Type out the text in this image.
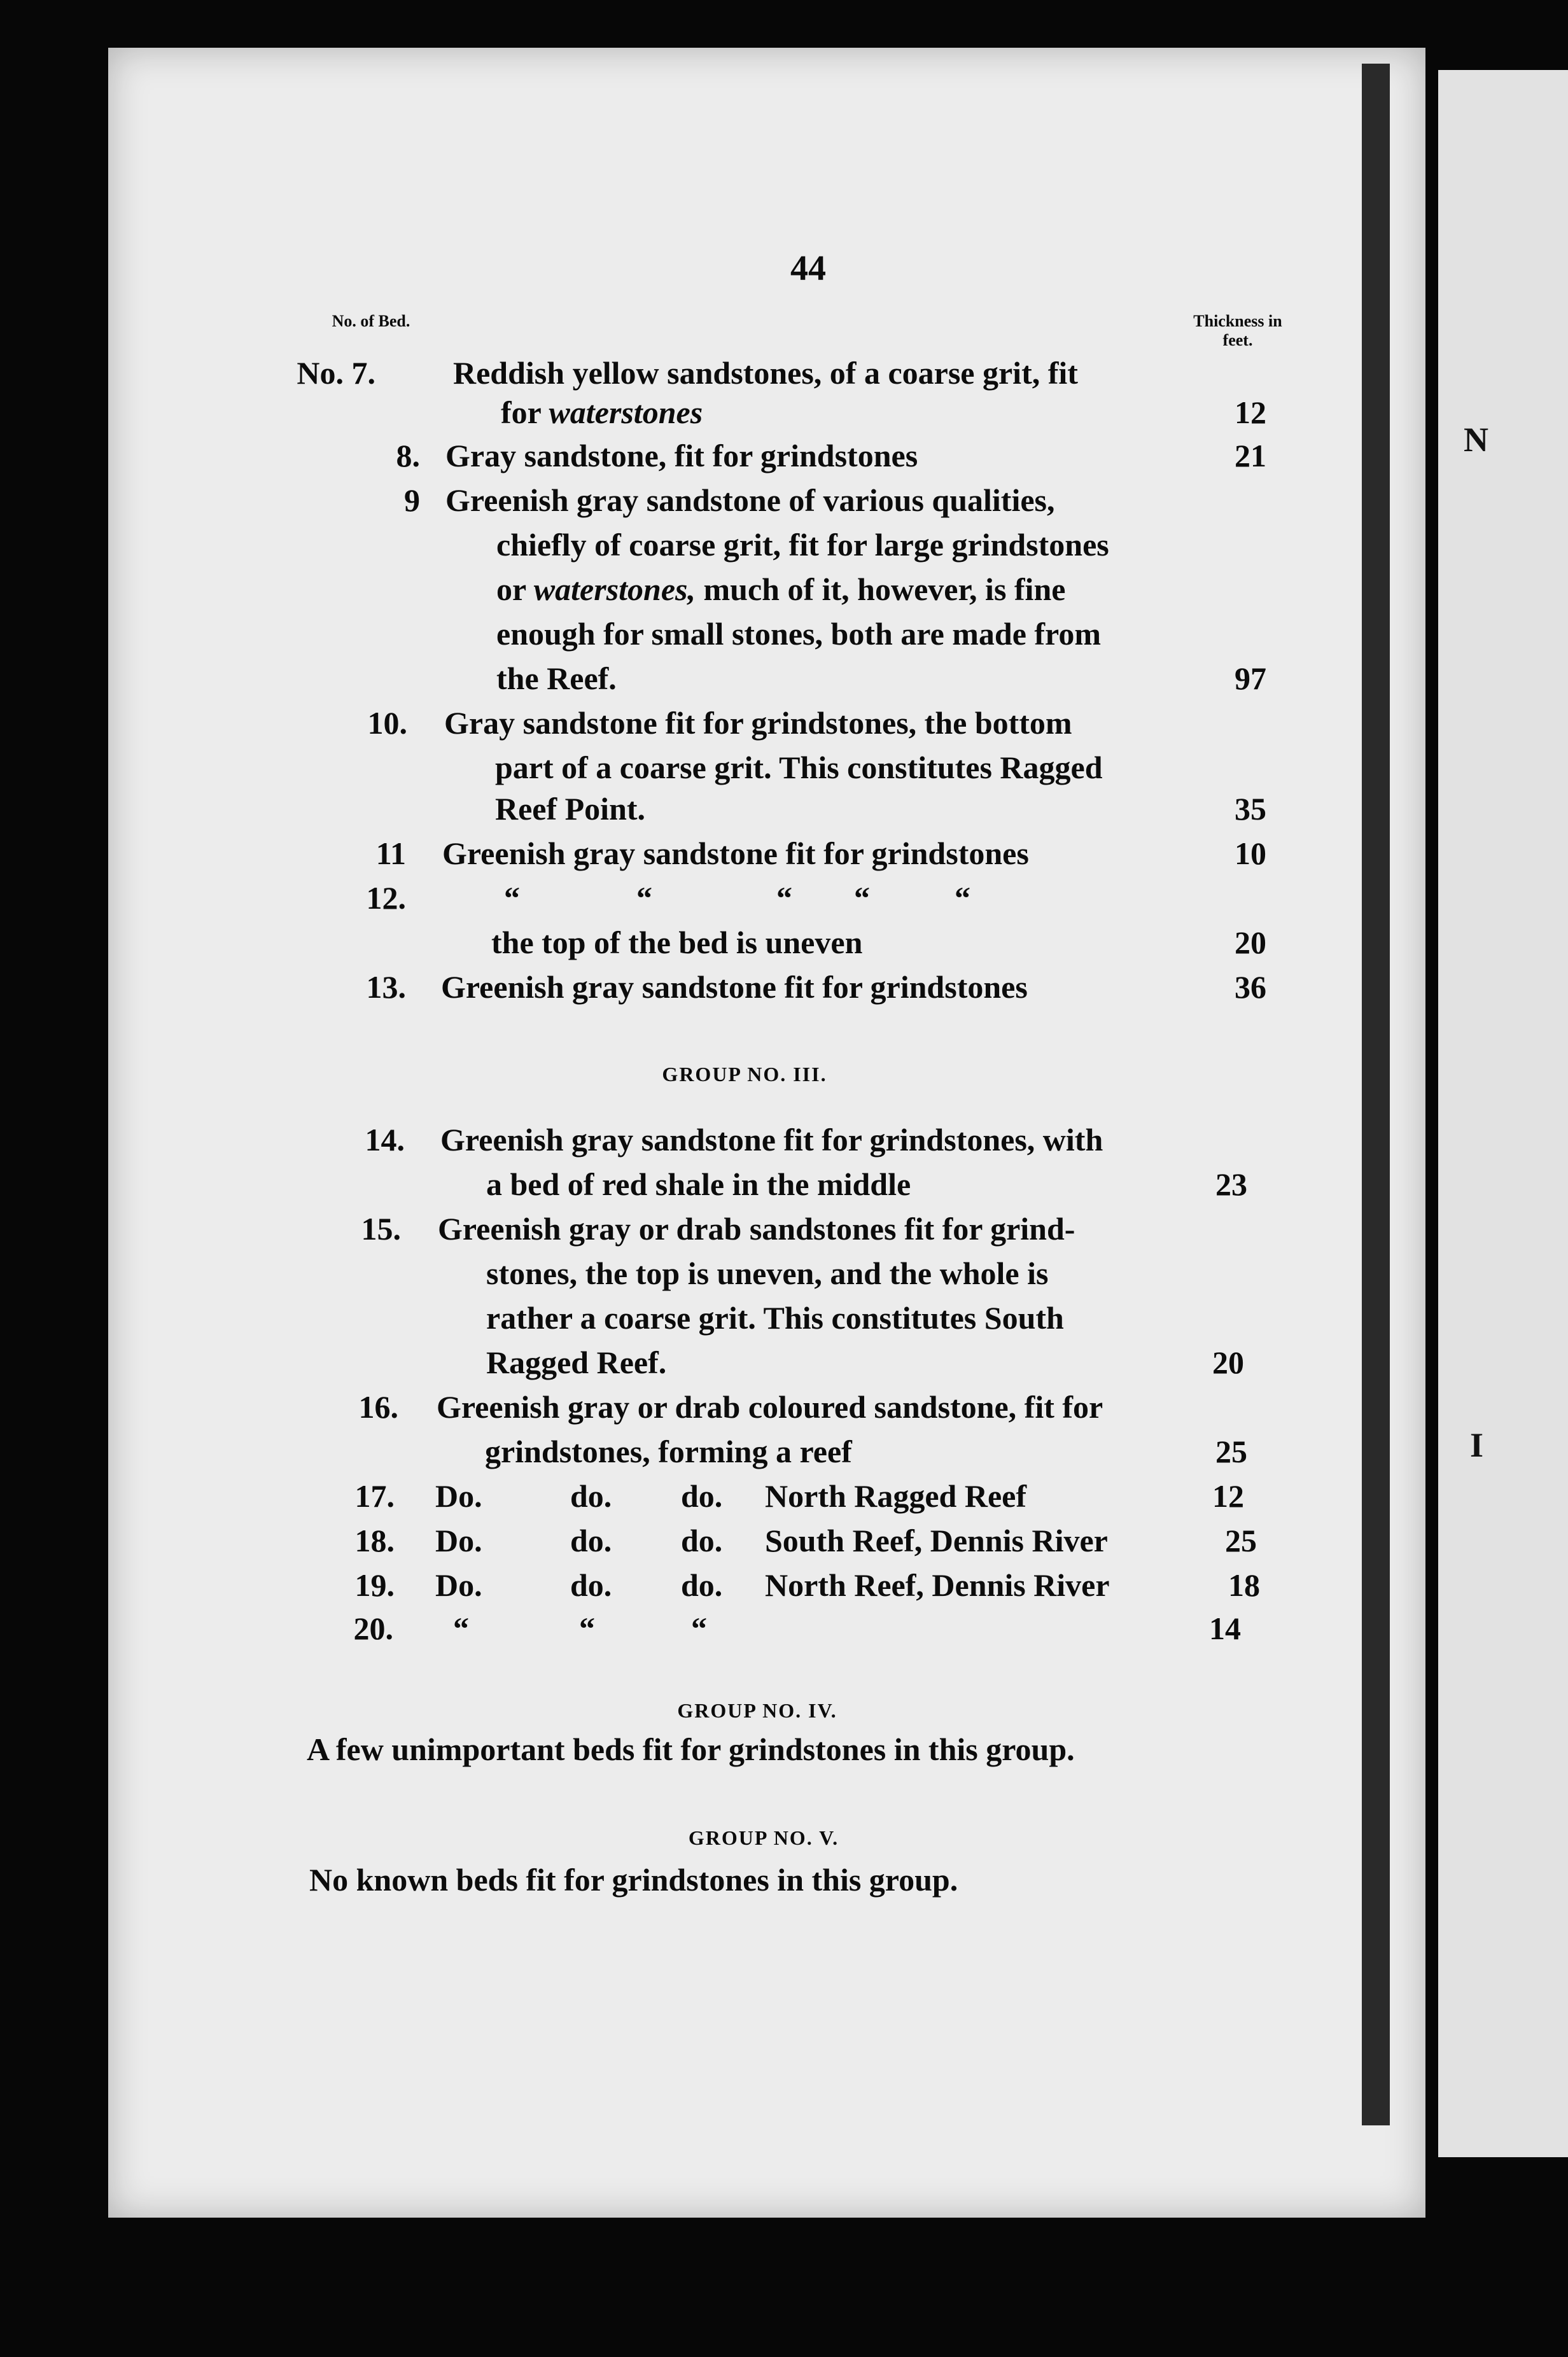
N
I
44
No. of Bed.	Thickness in feet.
No. 7. Reddish yellow sandstones, of a coarse grit, fit
for waterstones	12
8. Gray sandstone, fit for grindstones	21
9 Greenish gray sandstone of various qualities,
chiefly of coarse grit, fit for large grindstones
or waterstones, much of it, however, is fine
enough for small stones, both are made from
the Reef.	97
10. Gray sandstone fit for grindstones, the bottom
part of a coarse grit. This constitutes Ragged
Reef Point.	35
11 Greenish gray sandstone fit for grindstones	10
12.	“	“	“ “	“
the top of the bed is uneven	20
13. Greenish gray sandstone fit for grindstones	36
GROUP NO. III.
14. Greenish gray sandstone fit for grindstones, with
a bed of red shale in the middle	23
15. Greenish gray or drab sandstones fit for grind-
stones, the top is uneven, and the whole is
rather a coarse grit. This constitutes South
Ragged Reef.	20
16. Greenish gray or drab coloured sandstone, fit for
grindstones, forming a reef	25
17. Do.	do. do. North Ragged Reef	12
18. Do.	do. do. South Reef, Dennis River	25
19. Do.	do. do. North Reef, Dennis River	18
20. “	“	“	14
GROUP NO. IV.
A few unimportant beds fit for grindstones in this group.
GROUP NO. V.
No known beds fit for grindstones in this group.
